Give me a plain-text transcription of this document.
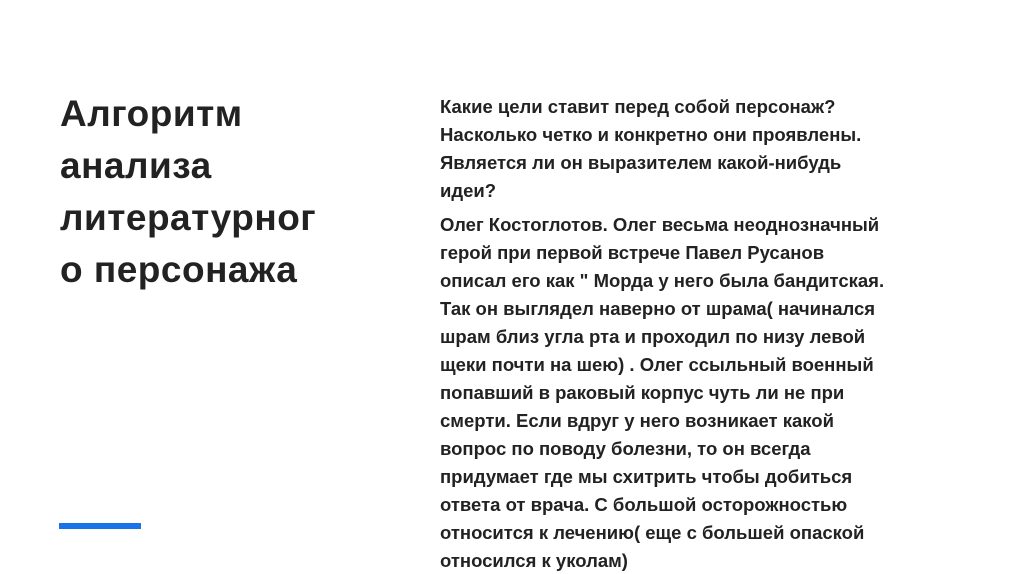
Алгоритм
анализа
литературног
о персонажа

Какие цели ставит перед собой персонаж?
Насколько четко и конкретно они проявлены.
Является ли он выразителем какой-нибудь
идеи?

Олег Костоглотов. Олег весьма неоднозначный
герой при первой встрече Павел Русанов
описал его как " Морда у него была бандитская.
Так он выглядел наверно от шрама( начинался
шрам близ угла рта и проходил по низу левой
щеки почти на шею) . Олег ссыльный военный
попавший в раковый корпус чуть ли не при
смерти. Если вдруг у него возникает какой
вопрос по поводу болезни, то он всегда
придумает где мы схитрить чтобы добиться
ответа от врача. С большой осторожностью
относится к лечению( еще с большей опаской
относился к уколам)
